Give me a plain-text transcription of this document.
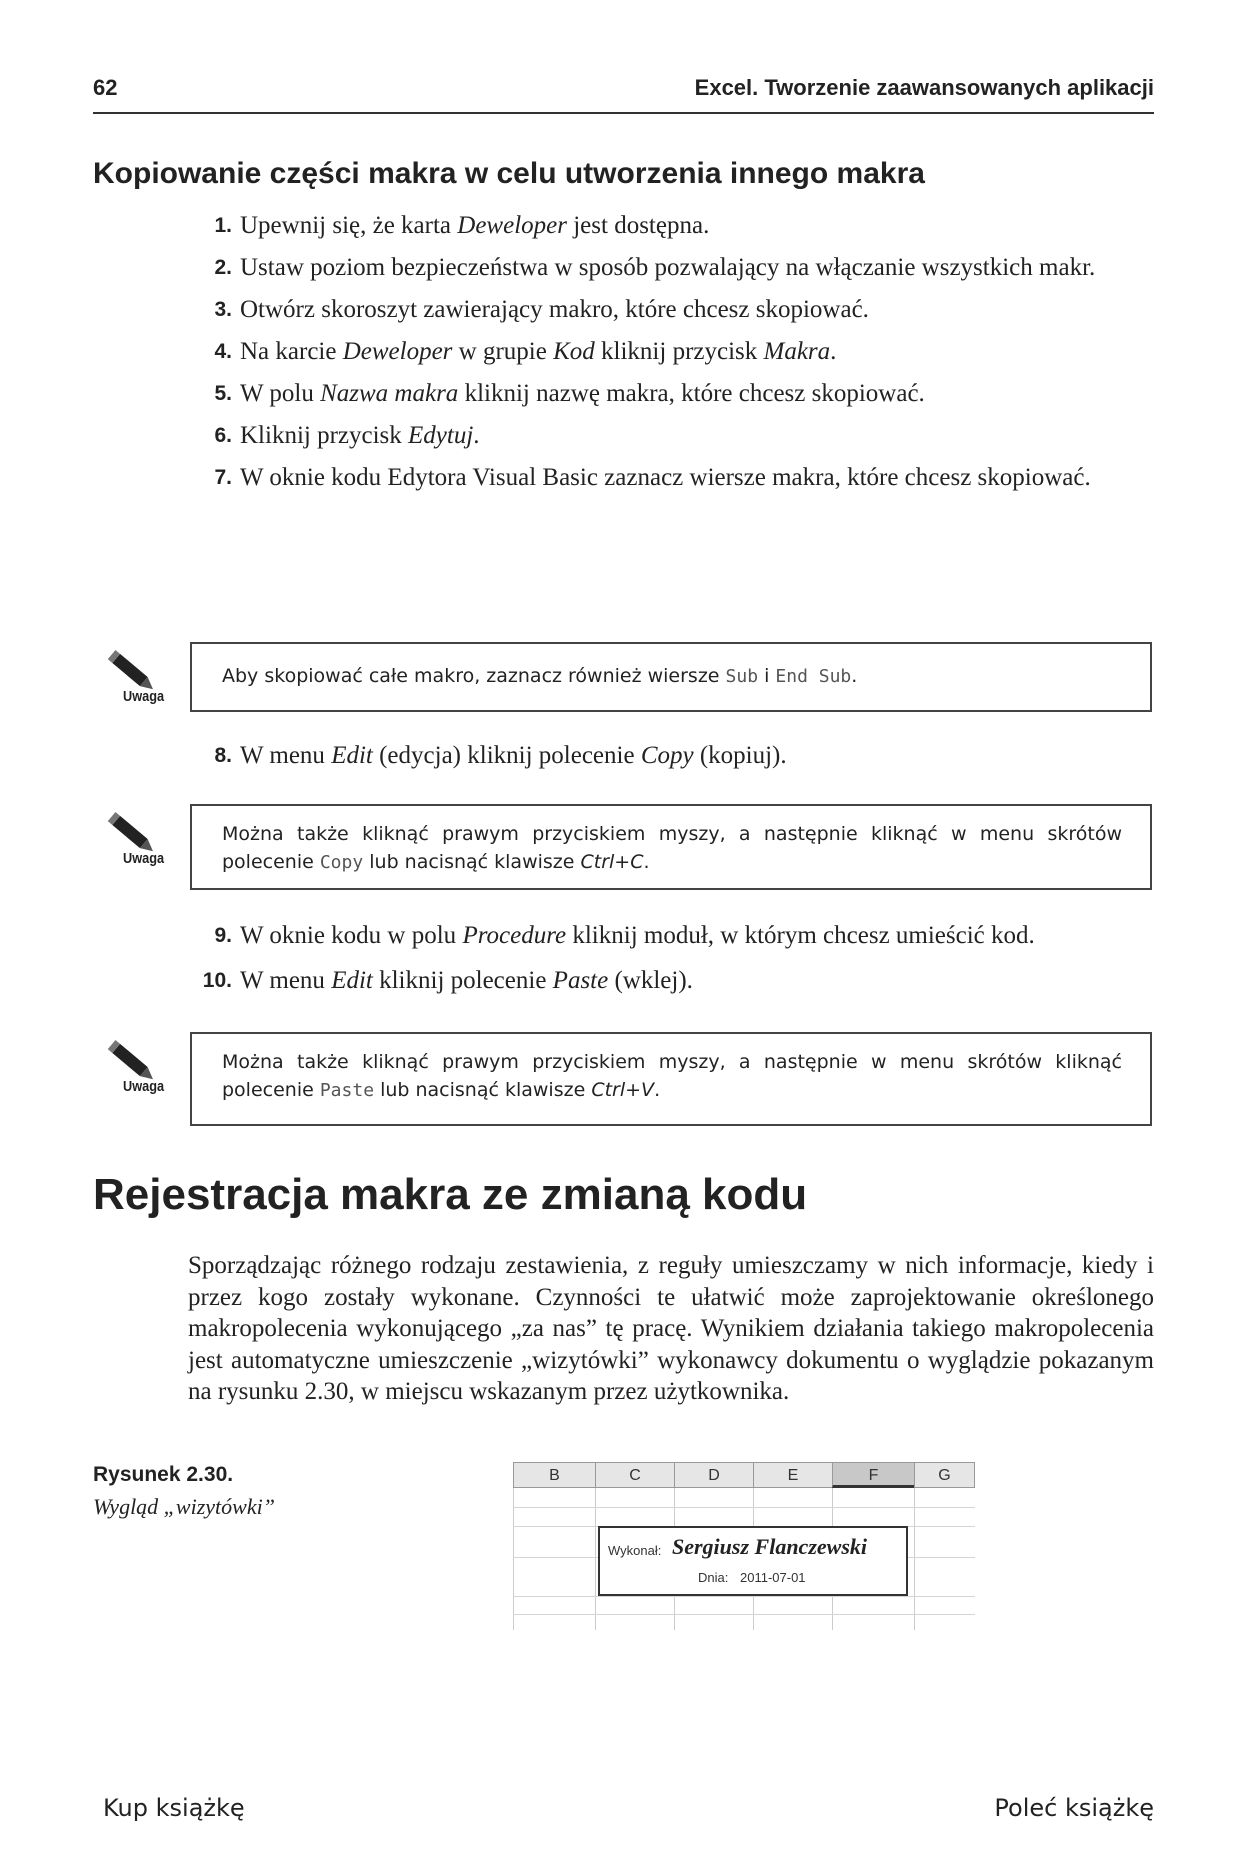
62	Excel. Tworzenie zaawansowanych aplikacji
Kopiowanie części makra w celu utworzenia innego makra
1. Upewnij się, że karta Deweloper jest dostępna.
2. Ustaw poziom bezpieczeństwa w sposób pozwalający na włączanie wszystkich makr.
3. Otwórz skoroszyt zawierający makro, które chcesz skopiować.
4. Na karcie Deweloper w grupie Kod kliknij przycisk Makra.
5. W polu Nazwa makra kliknij nazwę makra, które chcesz skopiować.
6. Kliknij przycisk Edytuj.
7. W oknie kodu Edytora Visual Basic zaznacz wiersze makra, które chcesz skopiować.
Uwaga
Aby skopiować całe makro, zaznacz również wiersze Sub i End Sub.
8. W menu Edit (edycja) kliknij polecenie Copy (kopiuj).
Uwaga
Można także kliknąć prawym przyciskiem myszy, a następnie kliknąć w menu skrótów polecenie Copy lub nacisnąć klawisze Ctrl+C.
9. W oknie kodu w polu Procedure kliknij moduł, w którym chcesz umieścić kod.
10. W menu Edit kliknij polecenie Paste (wklej).
Uwaga
Można także kliknąć prawym przyciskiem myszy, a następnie w menu skrótów kliknąć polecenie Paste lub nacisnąć klawisze Ctrl+V.
Rejestracja makra ze zmianą kodu

Sporządzając różnego rodzaju zestawienia, z reguły umieszczamy w nich informacje, kiedy i przez kogo zostały wykonane. Czynności te ułatwić może zaprojektowanie określonego makropolecenia wykonującego „za nas” tę pracę. Wynikiem działania takiego makropolecenia jest automatyczne umieszczenie „wizytówki” wykonawcy dokumentu o wyglądzie pokazanym na rysunku 2.30, w miejscu wskazanym przez użytkownika.

Rysunek 2.30.
Wygląd „wizytówki”
B	C	D	E	F	G
Wykonał: Sergiusz Flanczewski
Dnia: 2011-07-01
Kup książkę	Poleć książkę
